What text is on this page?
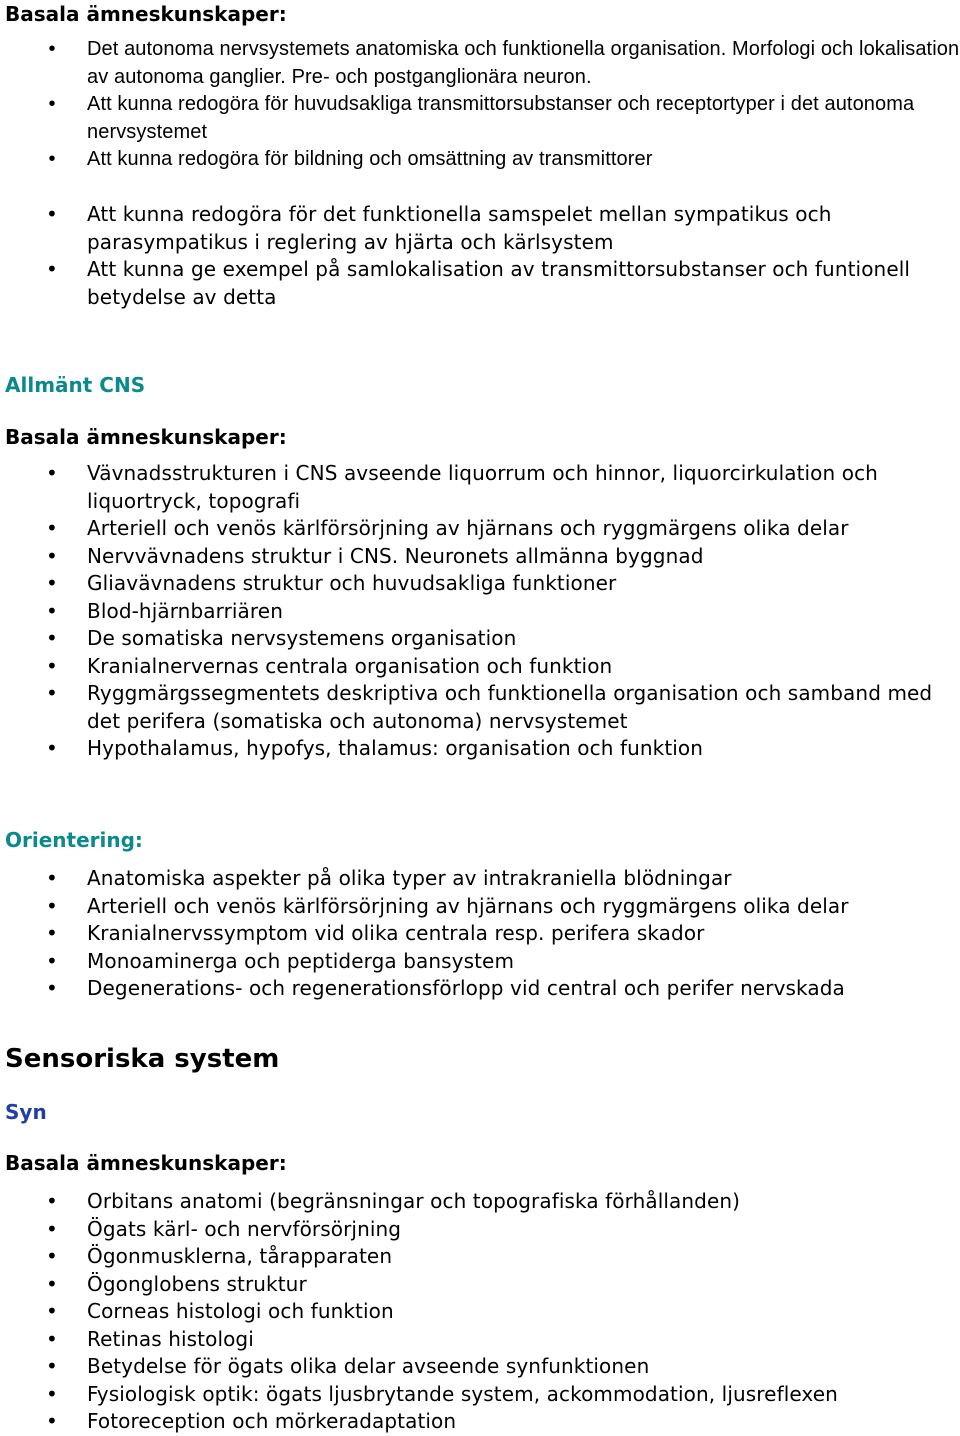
Basala ämneskunskaper:
• Det autonoma nervsystemets anatomiska och funktionella organisation. Morfologi och lokalisation av autonoma ganglier. Pre- och postganglionära neuron.
• Att kunna redogöra för huvudsakliga transmittorsubstanser och receptortyper i det autonoma nervsystemet
• Att kunna redogöra för bildning och omsättning av transmittorer
• Att kunna redogöra för det funktionella samspelet mellan sympatikus och parasympatikus i reglering av hjärta och kärlsystem
• Att kunna ge exempel på samlokalisation av transmittorsubstanser och funtionell betydelse av detta
Allmänt CNS
Basala ämneskunskaper:
• Vävnadsstrukturen i CNS avseende liquorrum och hinnor, liquorcirkulation och liquortryck, topografi
• Arteriell och venös kärlförsörjning av hjärnans och ryggmärgens olika delar
• Nervvävnadens struktur i CNS. Neuronets allmänna byggnad
• Gliavävnadens struktur och huvudsakliga funktioner
• Blod-hjärnbarriären
• De somatiska nervsystemens organisation
• Kranialnervernas centrala organisation och funktion
• Ryggmärgssegmentets deskriptiva och funktionella organisation och samband med det perifera (somatiska och autonoma) nervsystemet
• Hypothalamus, hypofys, thalamus: organisation och funktion
Orientering:
• Anatomiska aspekter på olika typer av intrakraniella blödningar
• Arteriell och venös kärlförsörjning av hjärnans och ryggmärgens olika delar
• Kranialnervssymptom vid olika centrala resp. perifera skador
• Monoaminerga och peptiderga bansystem
• Degenerations- och regenerationsförlopp vid central och perifer nervskada
Sensoriska system
Syn
Basala ämneskunskaper:
• Orbitans anatomi (begränsningar och topografiska förhållanden)
• Ögats kärl- och nervförsörjning
• Ögonmusklerna, tårapparaten
• Ögonglobens struktur
• Corneas histologi och funktion
• Retinas histologi
• Betydelse för ögats olika delar avseende synfunktionen
• Fysiologisk optik: ögats ljusbrytande system, ackommodation, ljusreflexen
• Fotoreception och mörkeradaptation
